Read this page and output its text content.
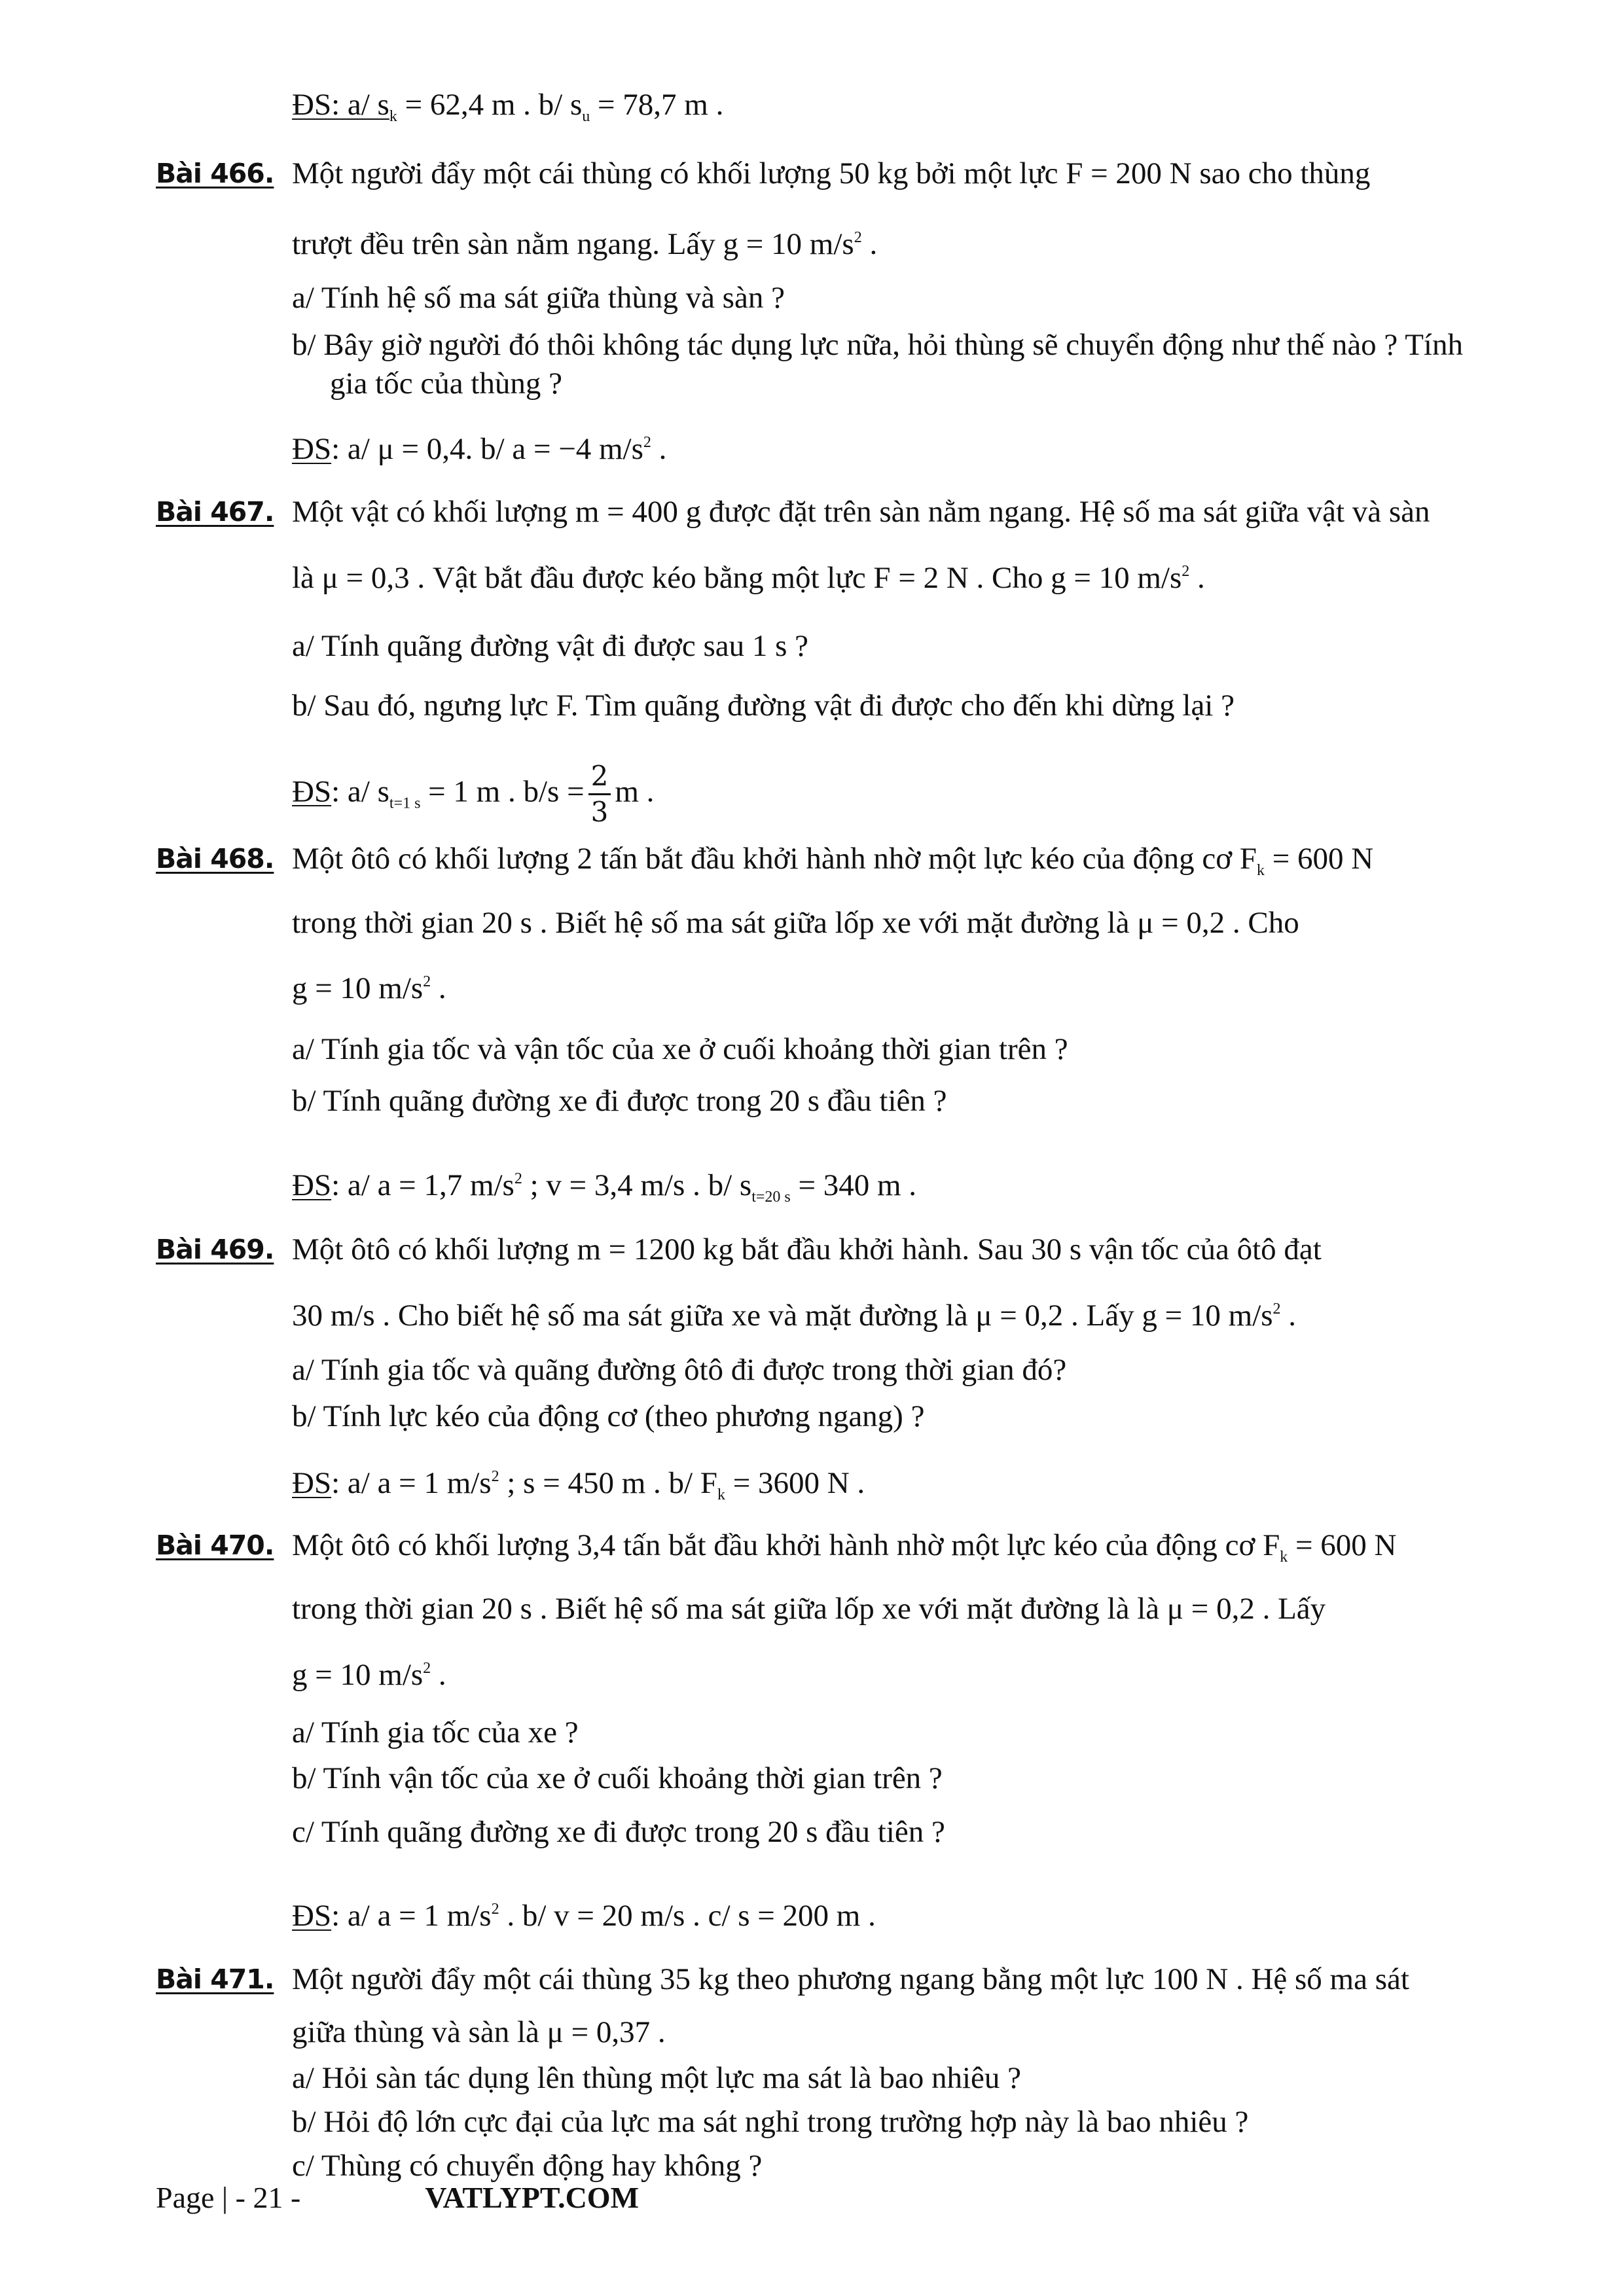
ĐS: a/ $s_k = 62,4$ m . b/ $s_u = 78,7$ m .
Bài 466. Một người đẩy một cái thùng có khối lượng 50 kg bởi một lực F = 200 N sao cho thùng
trượt đều trên sàn nằm ngang. Lấy g = 10 $m/s^2$ .
a/ Tính hệ số ma sát giữa thùng và sàn ?
b/ Bây giờ người đó thôi không tác dụng lực nữa, hỏi thùng sẽ chuyển động như thế nào ? Tính
gia tốc của thùng ?
ĐS: a/ μ = 0,4. b/ a = −4 $m/s^2$ .
Bài 467. Một vật có khối lượng m = 400 g được đặt trên sàn nằm ngang. Hệ số ma sát giữa vật và sàn
là μ = 0,3 . Vật bắt đầu được kéo bằng một lực F = 2 N . Cho g = 10 $m/s^2$ .
a/ Tính quãng đường vật đi được sau 1 s ?
b/ Sau đó, ngưng lực F. Tìm quãng đường vật đi được cho đến khi dừng lại ?
ĐS: a/ $s_{t=1 s} = 1$ m . $b/s = \frac{2}{3}$ m .
Bài 468. Một ôtô có khối lượng 2 tấn bắt đầu khởi hành nhờ một lực kéo của động cơ $F_k = 600$ N
trong thời gian 20 s . Biết hệ số ma sát giữa lốp xe với mặt đường là μ = 0,2 . Cho
g = 10 $m/s^2$ .
a/ Tính gia tốc và vận tốc của xe ở cuối khoảng thời gian trên ?
b/ Tính quãng đường xe đi được trong 20 s đầu tiên ?
ĐS: a/ a = 1,7 $m/s^2$ ; v = 3,4 m/s . b/ $s_{t=20 s} = 340$ m .
Bài 469. Một ôtô có khối lượng m = 1200 kg bắt đầu khởi hành. Sau 30 s vận tốc của ôtô đạt
30 m/s . Cho biết hệ số ma sát giữa xe và mặt đường là μ = 0,2 . Lấy g = 10 $m/s^2$ .
a/ Tính gia tốc và quãng đường ôtô đi được trong thời gian đó?
b/ Tính lực kéo của động cơ (theo phương ngang) ?
ĐS: a/ a = 1 $m/s^2$ ; s = 450 m . b/ $F_k = 3600$ N .
Bài 470. Một ôtô có khối lượng 3,4 tấn bắt đầu khởi hành nhờ một lực kéo của động cơ $F_k = 600$ N
trong thời gian 20 s . Biết hệ số ma sát giữa lốp xe với mặt đường là là μ = 0,2 . Lấy
g = 10 $m/s^2$ .
a/ Tính gia tốc của xe ?
b/ Tính vận tốc của xe ở cuối khoảng thời gian trên ?
c/ Tính quãng đường xe đi được trong 20 s đầu tiên ?
ĐS: a/ a = 1 $m/s^2$ . b/ v = 20 m/s . c/ s = 200 m .
Bài 471. Một người đẩy một cái thùng 35 kg theo phương ngang bằng một lực 100 N . Hệ số ma sát
giữa thùng và sàn là μ = 0,37 .
a/ Hỏi sàn tác dụng lên thùng một lực ma sát là bao nhiêu ?
b/ Hỏi độ lớn cực đại của lực ma sát nghỉ trong trường hợp này là bao nhiêu ?
c/ Thùng có chuyển động hay không ?
Page | - 21 -	VATLYPT.COM
